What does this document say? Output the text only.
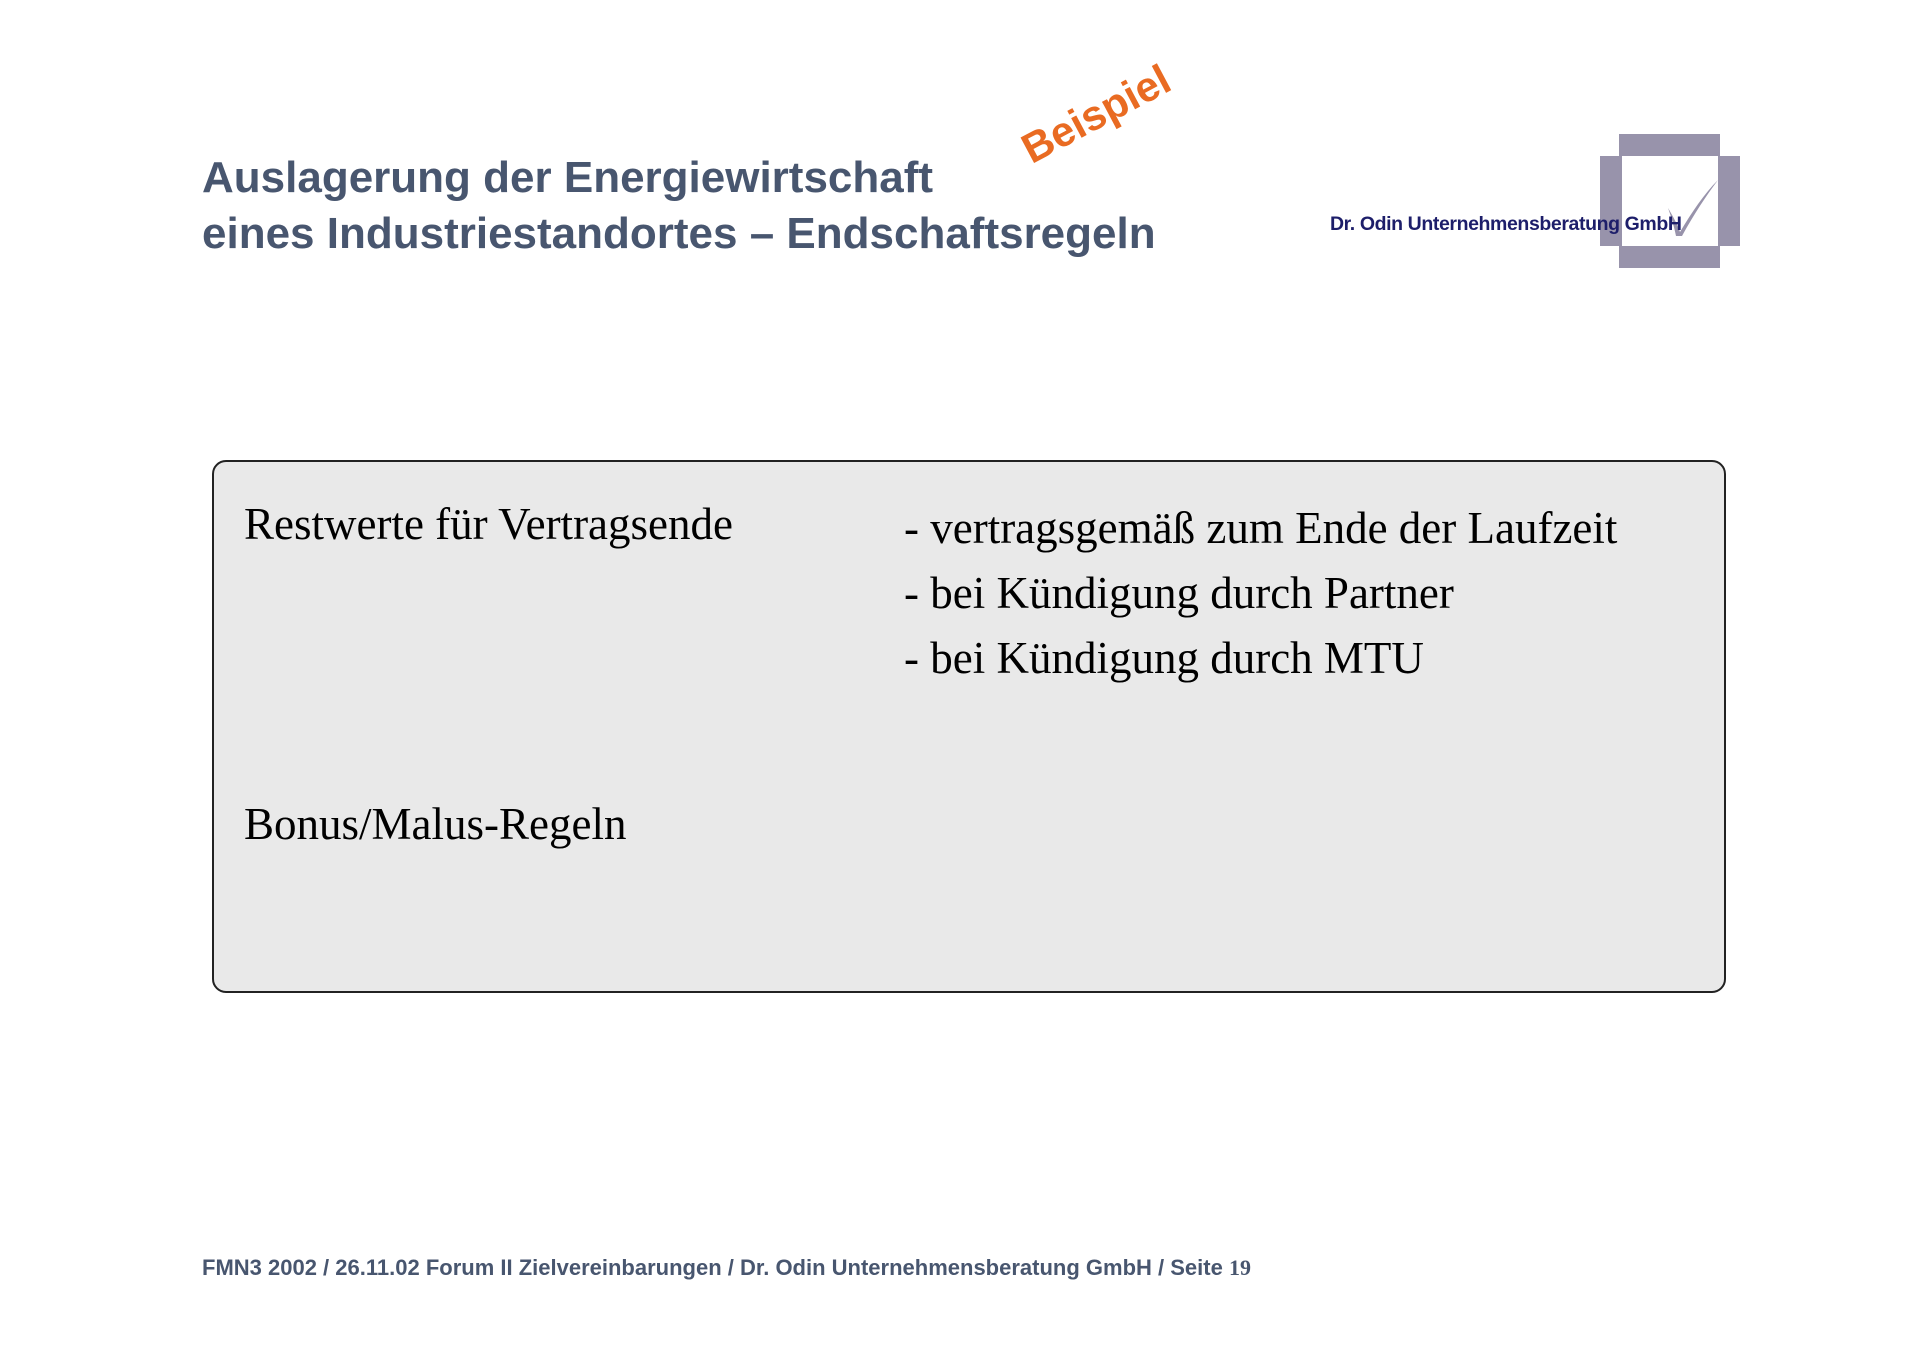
Auslagerung der Energiewirtschaft
eines Industriestandortes – Endschaftsregeln
Beispiel
Dr. Odin Unternehmensberatung GmbH
Restwerte für Vertragsende	- vertragsgemäß zum Ende der Laufzeit
- bei Kündigung durch Partner
- bei Kündigung durch MTU
Bonus/Malus-Regeln
FMN3 2002 / 26.11.02 Forum II Zielvereinbarungen / Dr. Odin Unternehmensberatung GmbH / Seite 19
